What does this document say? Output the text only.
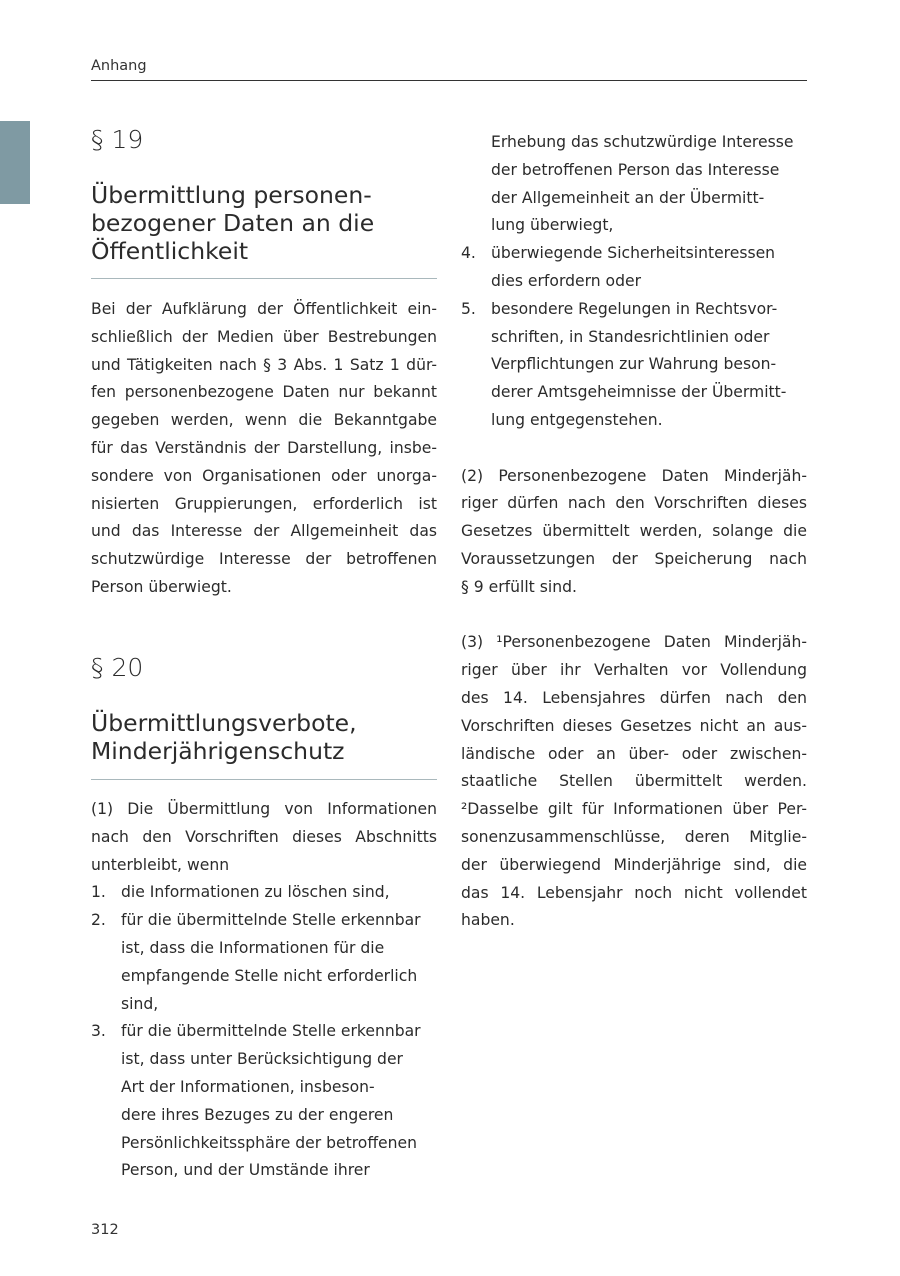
Anhang
§ 19
Übermittlung personen-
bezogener Daten an die
Öffentlichkeit
Bei der Aufklärung der Öffentlichkeit ein-
schließlich der Medien über Bestrebungen
und Tätigkeiten nach § 3 Abs. 1 Satz 1 dür-
fen personenbezogene Daten nur bekannt
gegeben werden, wenn die Bekanntgabe
für das Verständnis der Darstellung, insbe-
sondere von Organisationen oder unorga-
nisierten Gruppierungen, erforderlich ist
und das Interesse der Allgemeinheit das
schutzwürdige Interesse der betroffenen
Person überwiegt.
§ 20
Übermittlungsverbote,
Minderjährigenschutz
(1) Die Übermittlung von Informationen
nach den Vorschriften dieses Abschnitts
unterbleibt, wenn
1. die Informationen zu löschen sind,
2. für die übermittelnde Stelle erkennbar
ist, dass die Informationen für die
empfangende Stelle nicht erforderlich
sind,
3. für die übermittelnde Stelle erkennbar
ist, dass unter Berücksichtigung der
Art der Informationen, insbeson-
dere ihres Bezuges zu der engeren
Persönlichkeitssphäre der betroffenen
Person, und der Umstände ihrer
Erhebung das schutzwürdige Interesse
der betroffenen Person das Interesse
der Allgemeinheit an der Übermitt-
lung überwiegt,
4. überwiegende Sicherheitsinteressen
dies erfordern oder
5. besondere Regelungen in Rechtsvor-
schriften, in Standesrichtlinien oder
Verpflichtungen zur Wahrung beson-
derer Amtsgeheimnisse der Übermitt-
lung entgegenstehen.
(2) Personenbezogene Daten Minderjäh-
riger dürfen nach den Vorschriften dieses
Gesetzes übermittelt werden, solange die
Voraussetzungen der Speicherung nach
§ 9 erfüllt sind.
(3) ¹Personenbezogene Daten Minderjäh-
riger über ihr Verhalten vor Vollendung
des 14. Lebensjahres dürfen nach den
Vorschriften dieses Gesetzes nicht an aus-
ländische oder an über- oder zwischen-
staatliche Stellen übermittelt werden.
²Dasselbe gilt für Informationen über Per-
sonenzusammenschlüsse, deren Mitglie-
der überwiegend Minderjährige sind, die
das 14. Lebensjahr noch nicht vollendet
haben.
312
